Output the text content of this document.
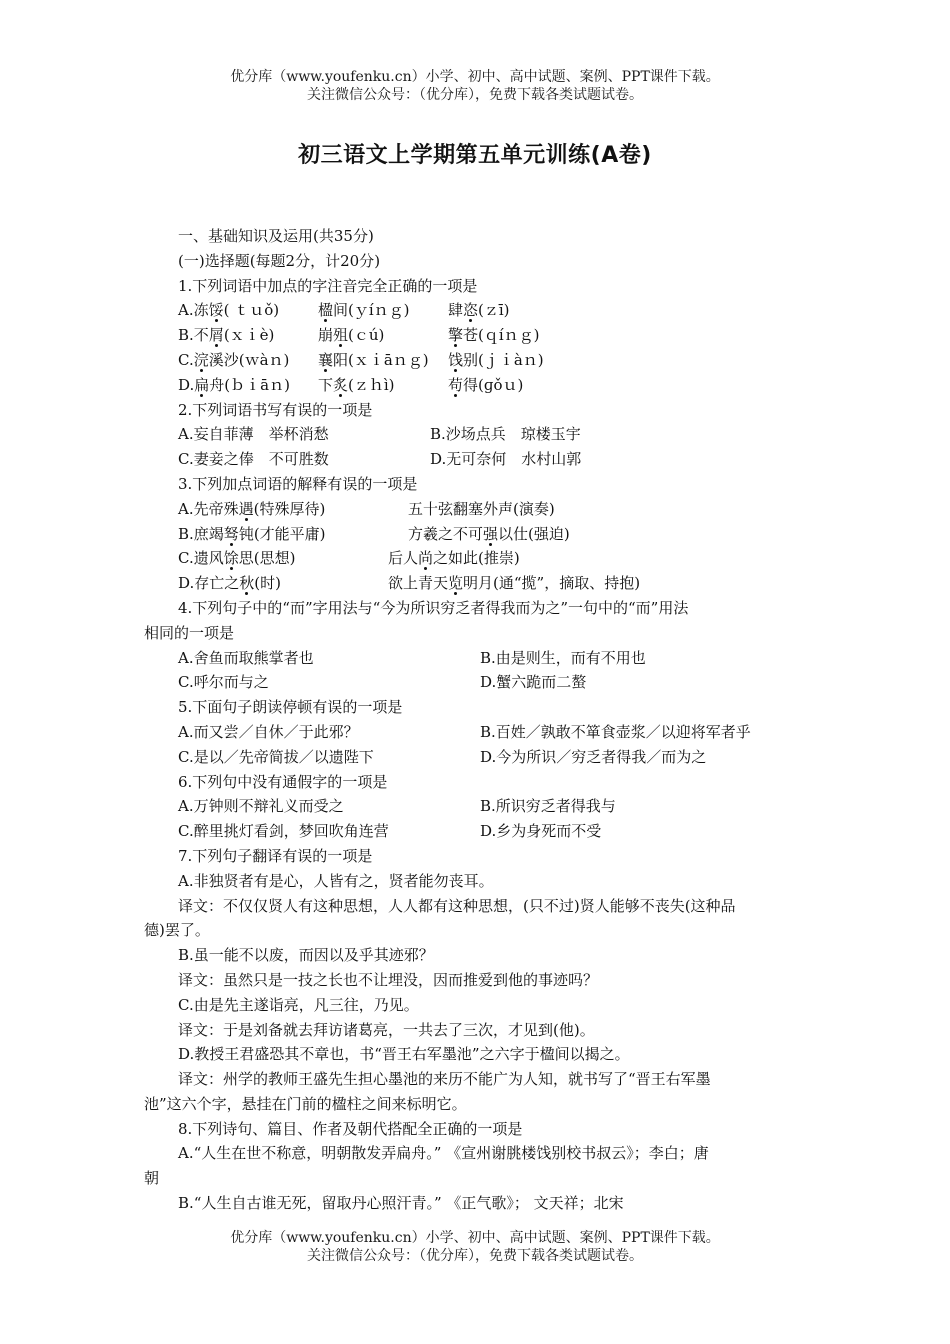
优分库（www.youfenku.cn）小学、初中、高中试题、案例、PPT课件下载。
关注微信公众号：（优分库），免费下载各类试题试卷。
初三语文上学期第五单元训练(A卷)
一、基础知识及运用(共35分)
(一)选择题(每题2分，计20分)
1.下列词语中加点的字注音完全正确的一项是
A.冻馁( ｔｕǒ)	楹间(ｙíｎｇ)	肆恣(ｚī)
B.不屑(ｘｉè)	崩殂(ｃú)	擎苍(ｑíｎｇ)
C.浣溪沙(ｗàｎ) 襄阳(ｘｉāｎｇ) 饯别(ｊｉàｎ)
D.扁舟(ｂｉāｎ) 下炙(ｚｈì)	苟得(ɡǒｕ)
2.下列词语书写有误的一项是
A.妄自菲薄　举杯消愁	B.沙场点兵　琼楼玉宇
C.妻妾之俸　不可胜数	D.无可奈何　水村山郭
3.下列加点词语的解释有误的一项是
A.先帝殊遇(特殊厚待)	五十弦翻塞外声(演奏)
B.庶竭驽钝(才能平庸)	方羲之不可强以仕(强迫)
C.遗风馀思(思想)	后人尚之如此(推崇)
D.存亡之秋(时)	欲上青天览明月(通“揽”，摘取、持抱)
4.下列句子中的“而”字用法与“今为所识穷乏者得我而为之”一句中的“而”用法
相同的一项是
A.舍鱼而取熊掌者也	B.由是则生，而有不用也
C.呼尔而与之	D.蟹六跪而二螯
5.下面句子朗读停顿有误的一项是
A.而又尝／自休／于此邪？	B.百姓／孰敢不箪食壶浆／以迎将军者乎
C.是以／先帝简拔／以遗陛下	D.今为所识／穷乏者得我／而为之
6.下列句中没有通假字的一项是
A.万钟则不辩礼义而受之	B.所识穷乏者得我与
C.醉里挑灯看剑，梦回吹角连营	D.乡为身死而不受
7.下列句子翻译有误的一项是
A.非独贤者有是心，人皆有之，贤者能勿丧耳。
译文：不仅仅贤人有这种思想，人人都有这种思想，(只不过)贤人能够不丧失(这种品
德)罢了。
B.虽一能不以废，而因以及乎其迹邪？
译文：虽然只是一技之长也不让埋没，因而推爱到他的事迹吗？
C.由是先主遂诣亮，凡三往，乃见。
译文：于是刘备就去拜访诸葛亮，一共去了三次，才见到(他)。
D.教授王君盛恐其不章也，书“晋王右军墨池”之六字于楹间以揭之。
译文：州学的教师王盛先生担心墨池的来历不能广为人知，就书写了“晋王右军墨
池”这六个字，悬挂在门前的楹柱之间来标明它。
8.下列诗句、篇目、作者及朝代搭配全正确的一项是
A.“人生在世不称意，明朝散发弄扁舟。” 《宣州谢朓楼饯别校书叔云》；李白；唐
朝
B.“人生自古谁无死，留取丹心照汗青。” 《正气歌》； 文天祥；北宋
优分库（www.youfenku.cn）小学、初中、高中试题、案例、PPT课件下载。
关注微信公众号：（优分库），免费下载各类试题试卷。
